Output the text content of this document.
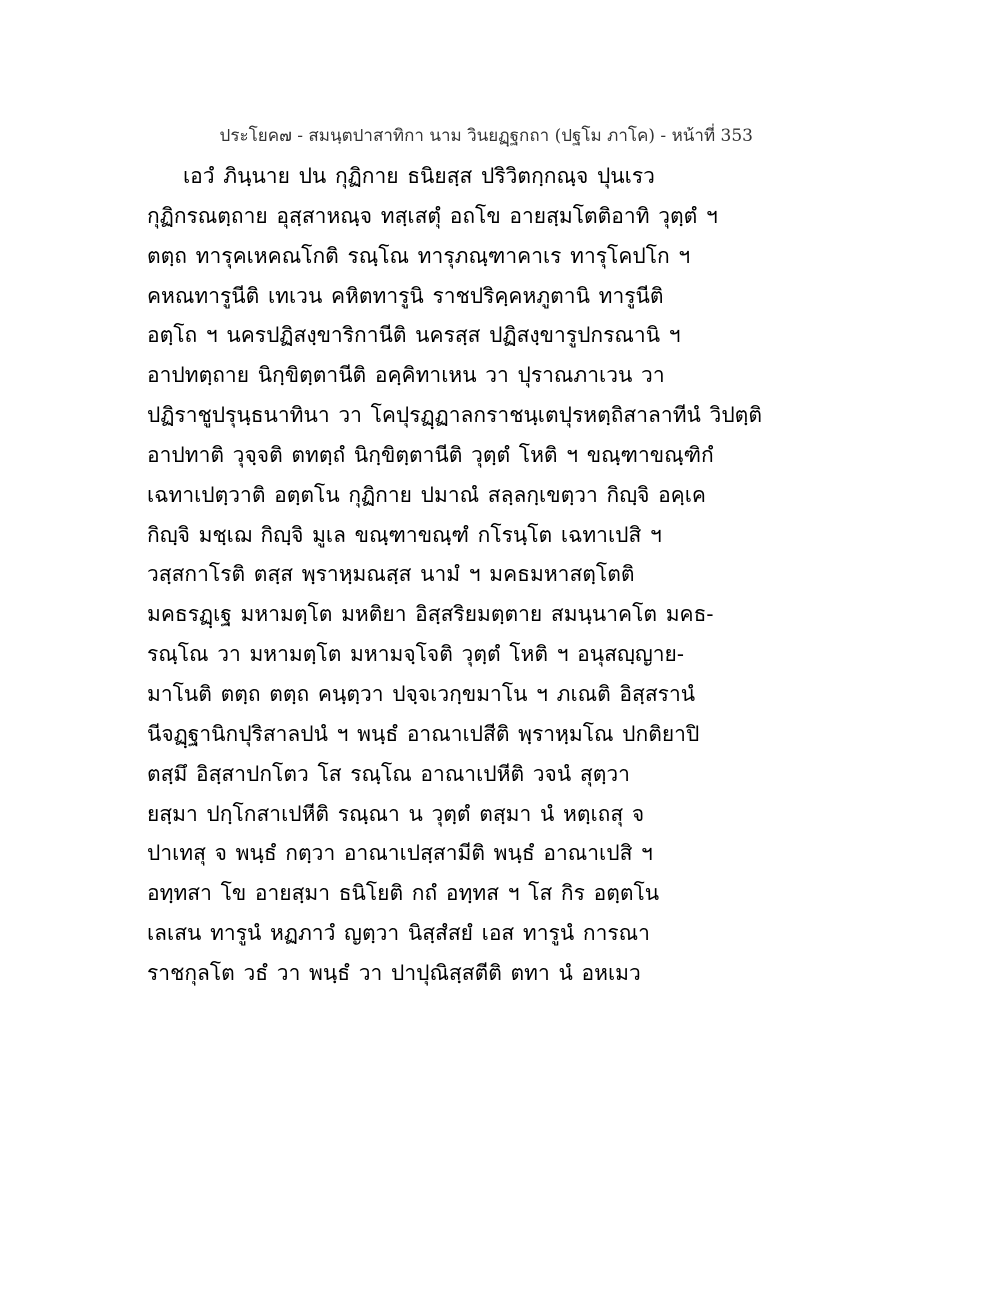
ประโยค๗ - สมนฺตปาสาทิกา นาม วินยฏฺฐกถา (ปฐโม ภาโค) - หน้าที่ 353
เอวํ ภินฺนาย ปน กุฏิกาย ธนิยสฺส ปริวิตกฺกณฺจ ปุนเรว
กุฏิกรณตฺถาย อุสฺสาหณฺจ ทสฺเสตุํ อถโข อายสฺมโตติอาทิ วุตฺตํ ฯ
ตตฺถ ทารุคเหคณโกติ รณฺโณ ทารุภณฺฑาคาเร ทารุโคปโก ฯ
คหณทารูนีติ เทเวน คหิตทารูนิ ราชปริคฺคหภูตานิ ทารูนีติ
อตฺโถ ฯ นครปฏิสงฺขาริกานีติ นครสฺส ปฏิสงฺขารูปกรณานิ ฯ
อาปทตฺถาย นิกฺขิตฺตานีติ อคฺคิทาเหน วา ปุราณภาเวน วา
ปฏิราชูปรุนฺธนาทินา วา โคปุรฏฺฏาลกราชนฺเตปุรหตฺถิสาลาทีนํ วิปตฺติ
อาปทาติ วุจฺจติ ตทตฺถํ นิกฺขิตฺตานีติ วุตฺตํ โหติ ฯ ขณฺฑาขณฺฑิกํ
เฉทาเปตฺวาติ อตฺตโน กุฏิกาย ปมาณํ สลฺลกฺเขตฺวา กิญฺจิ อคฺเค
กิญฺจิ มชฺเฌ กิญฺจิ มูเล ขณฺฑาขณฺฑํ กโรนฺโต เฉทาเปสิ ฯ
วสฺสกาโรติ ตสฺส พฺราหฺมณสฺส นามํ ฯ มคธมหาสตฺโตติ
มคธรฏฺเฐ มหามตฺโต มหติยา อิสฺสริยมตฺตาย สมนฺนาคโต มคธ-
รณฺโณ วา มหามตฺโต มหามจฺโจติ วุตฺตํ โหติ ฯ อนุสญฺญาย-
มาโนติ ตตฺถ ตตฺถ คนฺตฺวา ปจฺจเวกฺขมาโน ฯ ภเณติ อิสฺสรานํ
นีจฏฺฐานิกปุริสาลปนํ ฯ พนฺธํ อาณาเปสีติ พฺราหฺมโณ ปกติยาปิ
ตสฺมึ อิสฺสาปกโตว โส รณฺโณ อาณาเปหีติ วจนํ สุตฺวา
ยสฺมา ปกฺโกสาเปหีติ รณฺณา น วุตฺตํ ตสฺมา นํ หตฺเถสุ จ
ปาเทสุ จ พนฺธํ กตฺวา อาณาเปสฺสามีติ พนฺธํ อาณาเปสิ ฯ
อทฺทสา โข อายสฺมา ธนิโยติ กถํ อทฺทส ฯ โส กิร อตฺตโน
เลเสน ทารูนํ หฏภาวํ ญตฺวา นิสฺสํสยํ เอส ทารูนํ การณา
ราชกุลโต วธํ วา พนฺธํ วา ปาปุณิสฺสตีติ ตทา นํ อหเมว
